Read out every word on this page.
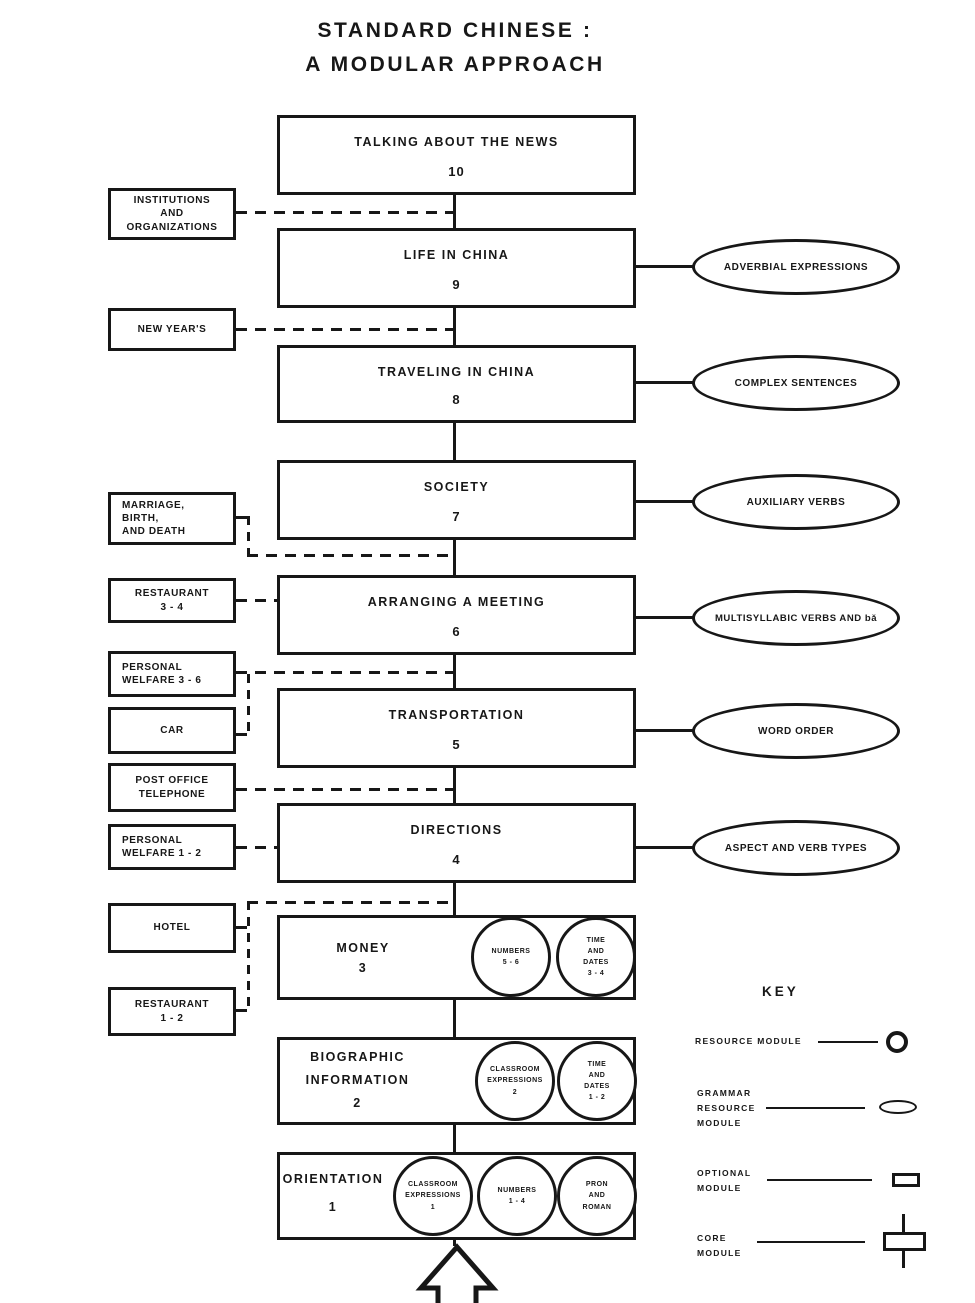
STANDARD CHINESE :
A MODULAR APPROACH
TALKING ABOUT THE NEWS
10
LIFE IN CHINA
9
TRAVELING IN CHINA
8
SOCIETY
7
ARRANGING A MEETING
6
TRANSPORTATION
5
DIRECTIONS
4
MONEY
3
NUMBERS
5 - 6
TIME
AND
DATES
3 - 4
BIOGRAPHIC
INFORMATION
2
CLASSROOM
EXPRESSIONS
2
TIME
AND
DATES
1 - 2
ORIENTATION
1
CLASSROOM
EXPRESSIONS
1
NUMBERS
1 - 4
PRON
AND
ROMAN
INSTITUTIONS
AND
ORGANIZATIONS
NEW YEAR'S
MARRIAGE,
BIRTH,
AND DEATH
RESTAURANT
3 - 4
PERSONAL
WELFARE 3 - 6
CAR
POST OFFICE
TELEPHONE
PERSONAL
WELFARE 1 - 2
HOTEL
RESTAURANT
1 - 2
ADVERBIAL EXPRESSIONS
COMPLEX SENTENCES
AUXILIARY VERBS
MULTISYLLABIC VERBS AND bǎ
WORD ORDER
ASPECT AND VERB TYPES
KEY
RESOURCE MODULE
GRAMMAR
RESOURCE
MODULE
OPTIONAL
MODULE
CORE
MODULE
